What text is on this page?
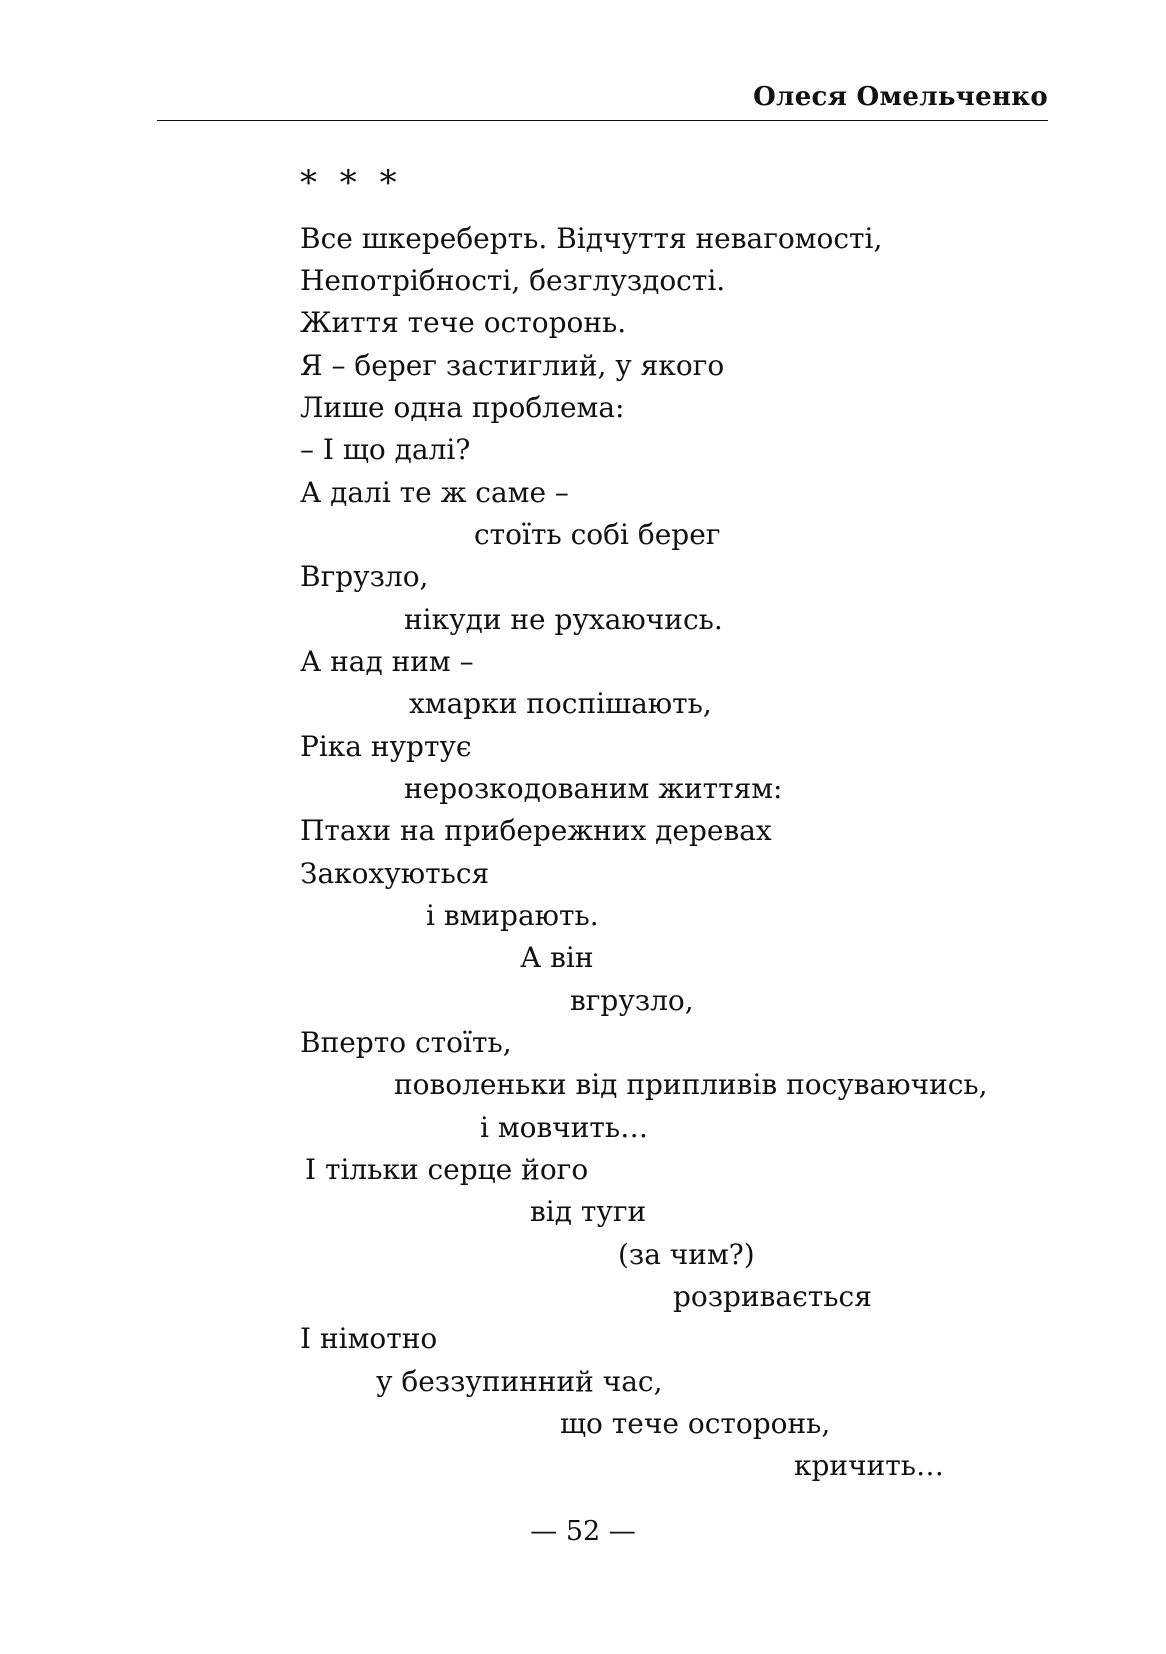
Олеся Омельченко
* * *
Все шкереберть. Відчуття невагомості,
Непотрібності, безглуздості.
Життя тече осторонь.
Я – берег застиглий, у якого
Лише одна проблема:
– І що далі?
А далі те ж саме –
стоїть собі берег
Вгрузло,
нікуди не рухаючись.
А над ним –
хмарки поспішають,
Ріка нуртує
нерозкодованим життям:
Птахи на прибережних деревах
Закохуються
і вмирають.
А він
вгрузло,
Вперто стоїть,
поволеньки від припливів посуваючись,
і мовчить…
І тільки серце його
від туги
(за чим?)
розривається
І німотно
у беззупинний час,
що тече осторонь,
кричить…
— 52 —
